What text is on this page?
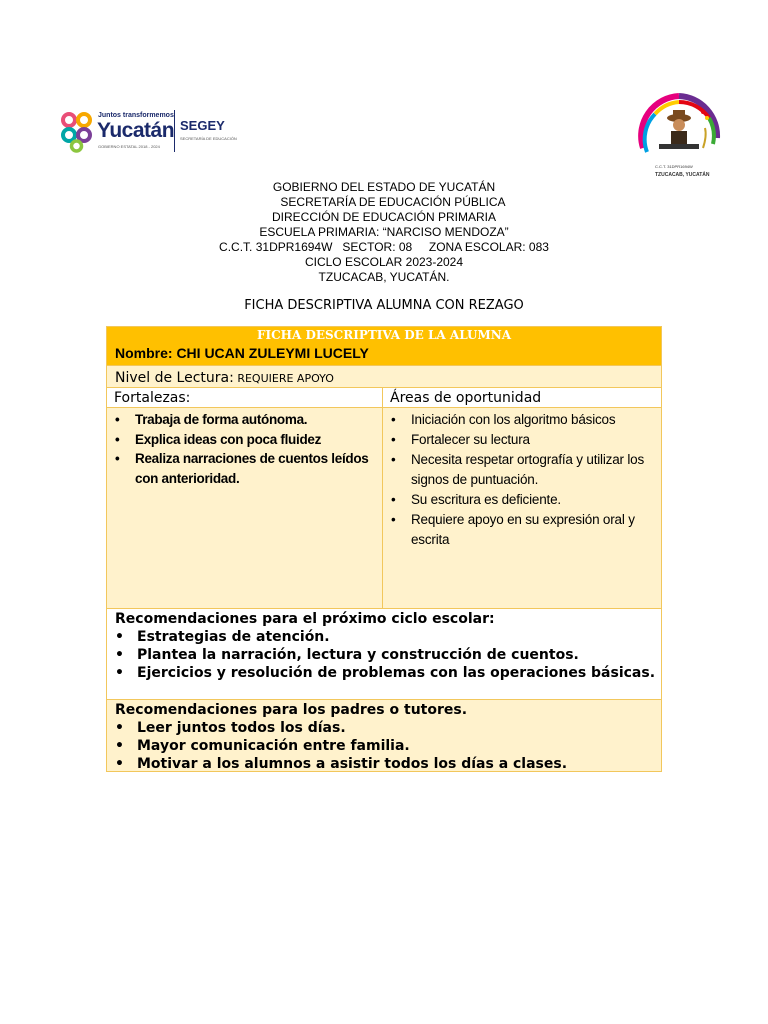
Juntos transformemos
Yucatán
GOBIERNO ESTATAL 2018 - 2024
SEGEY
SECRETARÍA DE EDUCACIÓN
C.C.T. 31DPR1694W
TZUCACAB, YUCATÁN
GOBIERNO DEL ESTADO DE YUCATÁN
SECRETARÍA DE EDUCACIÓN PÚBLICA
DIRECCIÓN DE EDUCACIÓN PRIMARIA
ESCUELA PRIMARIA: “NARCISO MENDOZA”
C.C.T. 31DPR1694W   SECTOR: 08     ZONA ESCOLAR: 083
CICLO ESCOLAR 2023-2024
TZUCACAB, YUCATÁN.
FICHA DESCRIPTIVA ALUMNA CON REZAGO
FICHA DESCRIPTIVA DE LA ALUMNA
Nombre: CHI UCAN ZULEYMI LUCELY
Nivel de Lectura: REQUIERE APOYO
Fortalezas:	Áreas de oportunidad
• Trabaja de forma autónoma.
• Explica ideas con poca fluidez
• Realiza narraciones de cuentos leídos con anterioridad.
• Iniciación con los algoritmo básicos
• Fortalecer su lectura
• Necesita respetar ortografía y utilizar los signos de puntuación.
• Su escritura es deficiente.
• Requiere apoyo en su expresión oral y escrita
Recomendaciones para el próximo ciclo escolar:
• Estrategias de atención.
• Plantea la narración, lectura y construcción de cuentos.
• Ejercicios y resolución de problemas con las operaciones básicas.
Recomendaciones para los padres o tutores.
• Leer juntos todos los días.
• Mayor comunicación entre familia.
• Motivar a los alumnos a asistir todos los días a clases.
